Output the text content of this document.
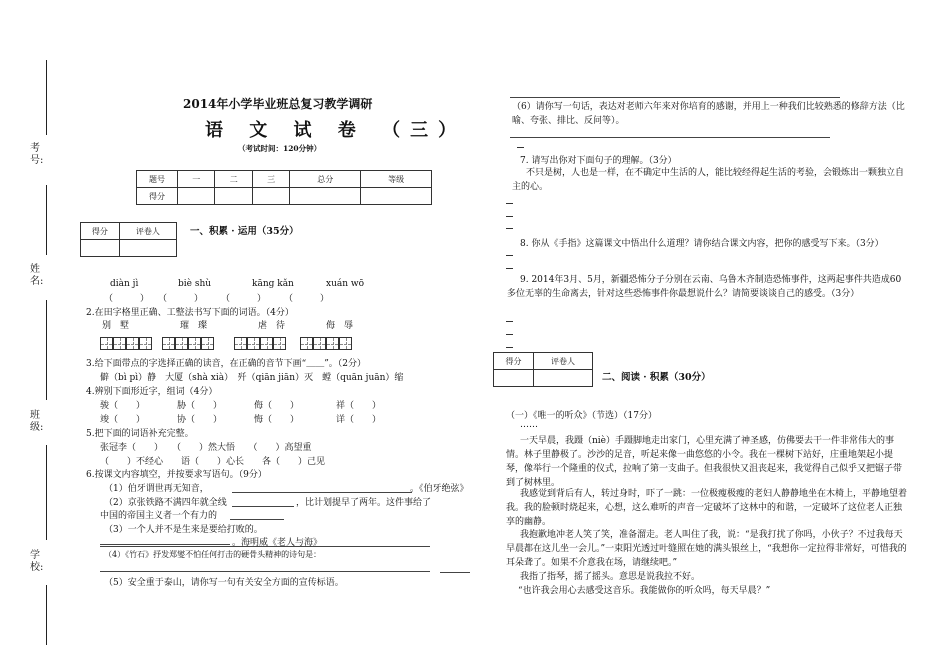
考号:
姓名:
班级:
学校:
2014年小学毕业班总复习教学调研
语 文 试 卷 （三）
（考试时间：120分钟）
题号	一	二	三	总分	等级
得分					
得分	评卷人
		一、积累 · 运用（35分）
diàn jì	biè shù	kāng kǎn	xuán wō
（　　　）　　（　　　）　　　（　　　）　　　（　　　）
2.在田字格里正确、工整法书写下面的词语。（4分）
别　墅	璀　璨	虐　待	侮　辱
3.给下面带点的字选择正确的读音，在正确的音节下画“＿＿”。（2分）
僻（bì pì）静　大厦（shà xià）　歼（qiān jiān）灭　螳（quān juān）缩
4.辨别下面形近字，组词（4分）
骏（　　）	胁（　　）	侮（　　）	祥（　　）
竣（　　）	协（　　）	悔（　　）	详（　　）
5.把下面的词语补充完整。
张冠李（　　）　　（　　）然大悟　　（　　）高望重
（　　）不经心　　语（　　）心长　　各（　　）己见
6.按课文内容填空，并按要求写语句。（9分）
（1）伯牙谓世再无知音，	。《伯牙绝弦》
（2）京张铁路不满四年就全线	，比计划提早了两年。这件事给了
中国的帝国主义者一个有力的
（3）一个人并不是生来是要给打败的。
。海明威《老人与海》
（4）《竹石》抒发郑燮不怕任何打击的硬骨头精神的诗句是：
（5）安全重于泰山，请你写一句有关安全方面的宣传标语。
（6）请你写一句话，表达对老师六年来对你培育的感谢，并用上一种我们比较熟悉的修辞方法（比喻、夸张、排比、反问等）。
7. 请写出你对下面句子的理解。（3分）
不只是树，人也是一样，在不确定中生活的人，能比较经得起生活的考验，会锻炼出一颗独立自主的心。
8. 你从《手指》这篇课文中悟出什么道理？请你结合课文内容，把你的感受写下来。（3分）
9. 2014年3月、5月，新疆恐怖分子分别在云南、乌鲁木齐制造恐怖事件，这两起事件共造成60多位无辜的生命离去，针对这些恐怖事件你最想说什么？请简要谈谈自己的感受。（3分）
得分	评卷人

二、阅读 · 积累（30分）
（一）《唯一的听众》（节选）（17分）
……
一天早晨，我蹑（niè）手蹑脚地走出家门，心里充满了神圣感，仿佛要去干一件非常伟大的事情。林子里静极了。沙沙的足音，听起来像一曲悠悠的小令。我在一棵树下站好，庄重地架起小提琴，像举行一个隆重的仪式，拉响了第一支曲子。但我很快又沮丧起来，我觉得自己似乎又把锯子带到了树林里。
我感觉到背后有人，转过身时，吓了一跳：一位极瘦极瘦的老妇人静静地坐在木椅上，平静地望着我。我的脸顿时烧起来，心想，这么难听的声音一定破坏了这林中的和谐，一定破坏了这位老人正独享的幽静。
我抱歉地冲老人笑了笑，准备溜走。老人叫住了我，说：“是我打扰了你吗，小伙子？不过我每天早晨都在这儿坐一会儿。”一束阳光透过叶缝照在她的满头银丝上，“我想你一定拉得非常好，可惜我的耳朵聋了。如果不介意我在场，请继续吧。”
我指了指琴，摇了摇头。意思是说我拉不好。
“也许我会用心去感受这音乐。我能做你的听众吗，每天早晨？”
